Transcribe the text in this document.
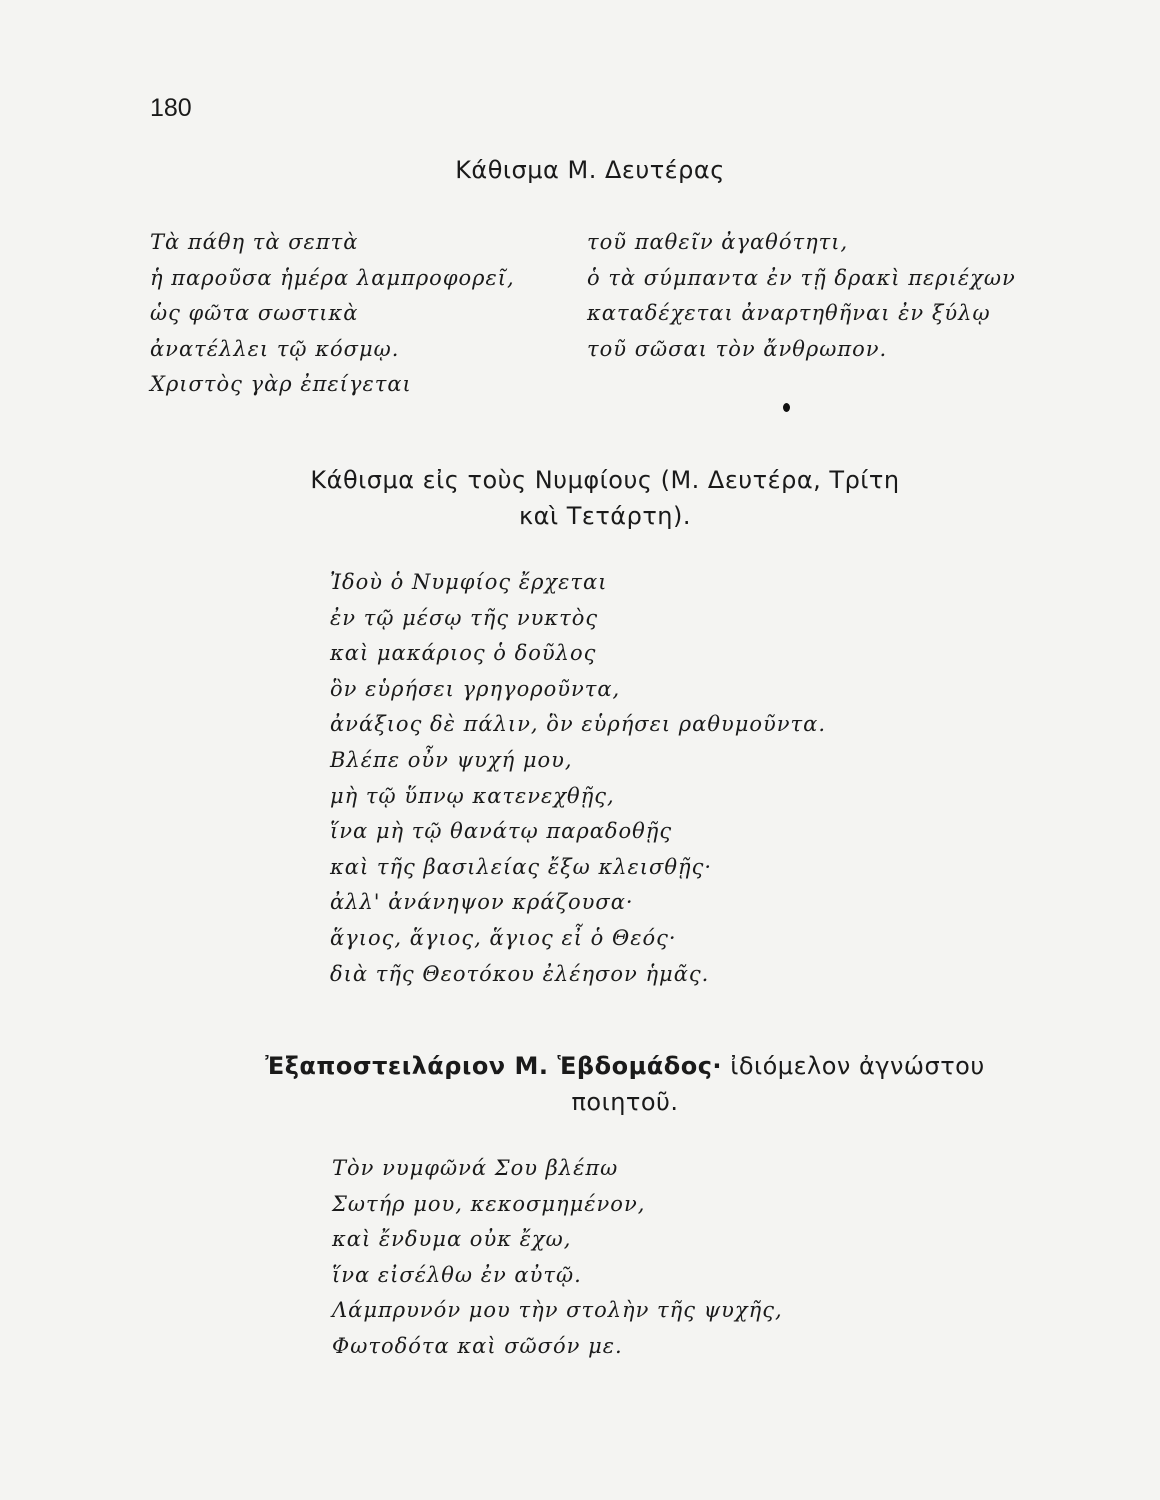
180
Κάθισμα Μ. Δευτέρας
Τὰ πάθη τὰ σεπτὰ
ἡ παροῦσα ἡμέρα λαμπροφορεῖ,
ὡς φῶτα σωστικὰ
ἀνατέλλει τῷ κόσμῳ.
Χριστὸς γὰρ ἐπείγεται
τοῦ παθεῖν ἀγαθότητι,
ὁ τὰ σύμπαντα ἐν τῇ δρακὶ περιέχων
καταδέχεται ἀναρτηθῆναι ἐν ξύλῳ
τοῦ σῶσαι τὸν ἄνθρωπον.
Κάθισμα εἰς τοὺς Νυμφίους (Μ. Δευτέρα, Τρίτη
καὶ Τετάρτη).
Ἰδοὺ ὁ Νυμφίος ἔρχεται
ἐν τῷ μέσῳ τῆς νυκτὸς
καὶ μακάριος ὁ δοῦλος
ὃν εὑρήσει γρηγοροῦντα,
ἀνάξιος δὲ πάλιν, ὃν εὑρήσει ραθυμοῦντα.
Βλέπε οὖν ψυχή μου,
μὴ τῷ ὕπνῳ κατενεχθῇς,
ἵνα μὴ τῷ θανάτῳ παραδοθῇς
καὶ τῆς βασιλείας ἔξω κλεισθῇς·
ἀλλ' ἀνάνηψον κράζουσα·
ἅγιος, ἅγιος, ἅγιος εἶ ὁ Θεός·
διὰ τῆς Θεοτόκου ἐλέησον ἡμᾶς.
Ἐξαποστειλάριον Μ. Ἑβδομάδος· ἰδιόμελον ἀγνώστου
ποιητοῦ.
Τὸν νυμφῶνά Σου βλέπω
Σωτήρ μου, κεκοσμημένον,
καὶ ἔνδυμα οὐκ ἔχω,
ἵνα εἰσέλθω ἐν αὐτῷ.
Λάμπρυνόν μου τὴν στολὴν τῆς ψυχῆς,
Φωτοδότα καὶ σῶσόν με.
